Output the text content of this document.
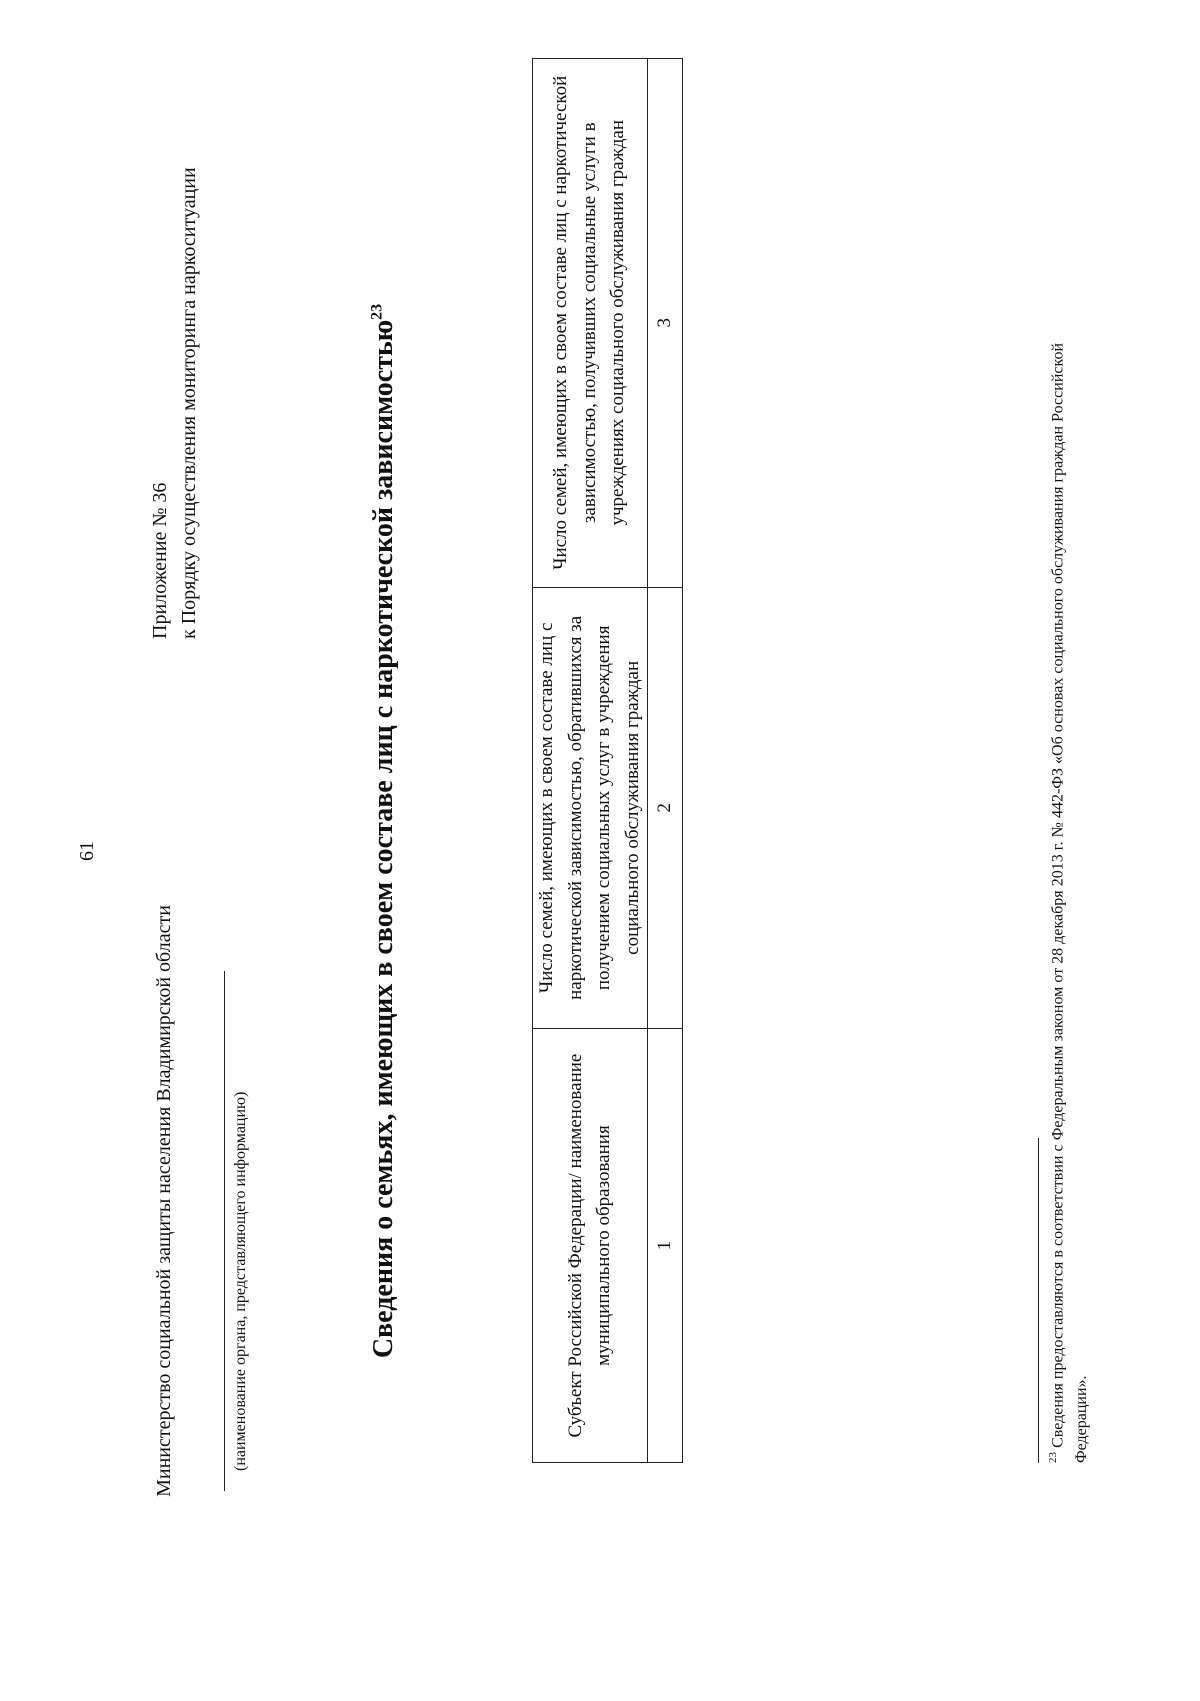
61
Министерство социальной защиты населения Владимирской области	(наименование органа, представляющего информацию)
Приложение № 36 к Порядку осуществления мониторинга наркоситуации	Сведения о семьях, имеющих в своем составе лиц с наркотической зависимостью$^{23}$
Субъект Российской Федерации/ наименование муниципального образования	Число семей, имеющих в своем составе лиц с наркотической зависимостью, обратившихся за получением социальных услуг в учреждения социального обслуживания граждан	Число семей, имеющих в своем составе лиц с наркотической зависимостью, получивших социальные услуги в учреждениях социального обслуживания граждан
1	2	3
$^{23}$ Сведения предоставляются в соответствии с Федеральным законом от 28 декабря 2013 г. № 442-ФЗ «Об основах социального обслуживания граждан Российской Федерации».
